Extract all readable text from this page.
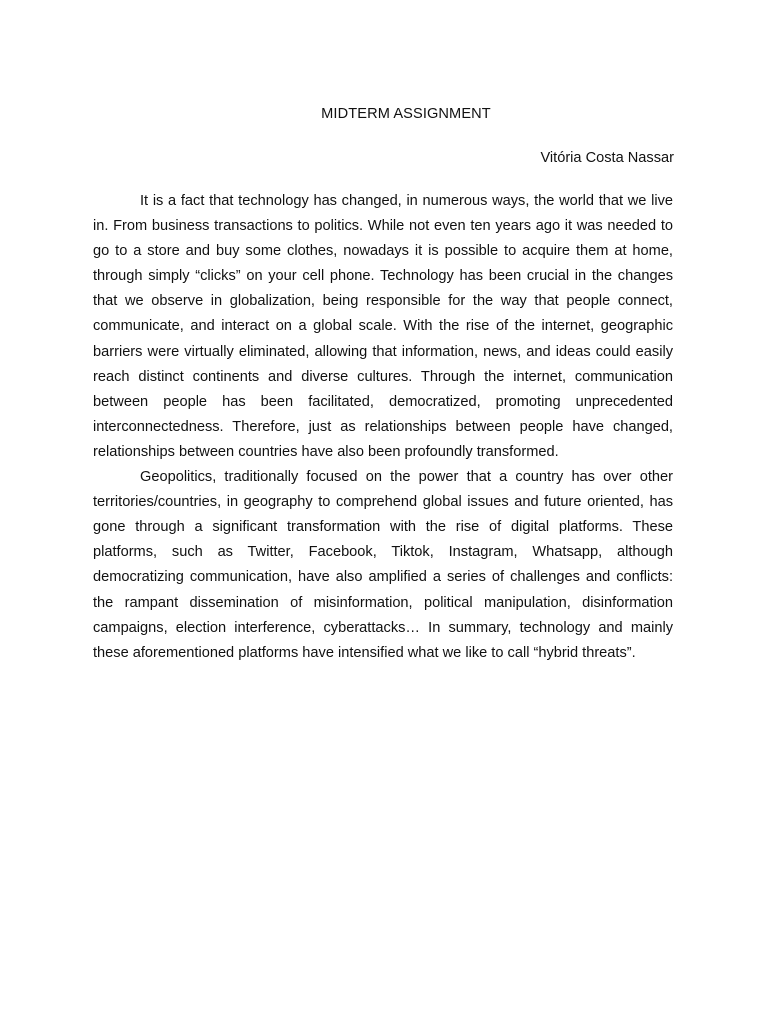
MIDTERM ASSIGNMENT
Vitória Costa Nassar

It is a fact that technology has changed, in numerous ways, the world that we live in. From business transactions to politics. While not even ten years ago it was needed to go to a store and buy some clothes, nowadays it is possible to acquire them at home, through simply “clicks” on your cell phone. Technology has been crucial in the changes that we observe in globalization, being responsible for the way that people connect, communicate, and interact on a global scale. With the rise of the internet, geographic barriers were virtually eliminated, allowing that information, news, and ideas could easily reach distinct continents and diverse cultures. Through the internet, communication between people has been facilitated, democratized, promoting unprecedented interconnectedness. Therefore, just as relationships between people have changed, relationships between countries have also been profoundly transformed.

Geopolitics, traditionally focused on the power that a country has over other territories/countries, in geography to comprehend global issues and future oriented, has gone through a significant transformation with the rise of digital platforms. These platforms, such as Twitter, Facebook, Tiktok, Instagram, Whatsapp, although democratizing communication, have also amplified a series of challenges and conflicts: the rampant dissemination of misinformation, political manipulation, disinformation campaigns, election interference, cyberattacks… In summary, technology and mainly these aforementioned platforms have intensified what we like to call “hybrid threats”.
